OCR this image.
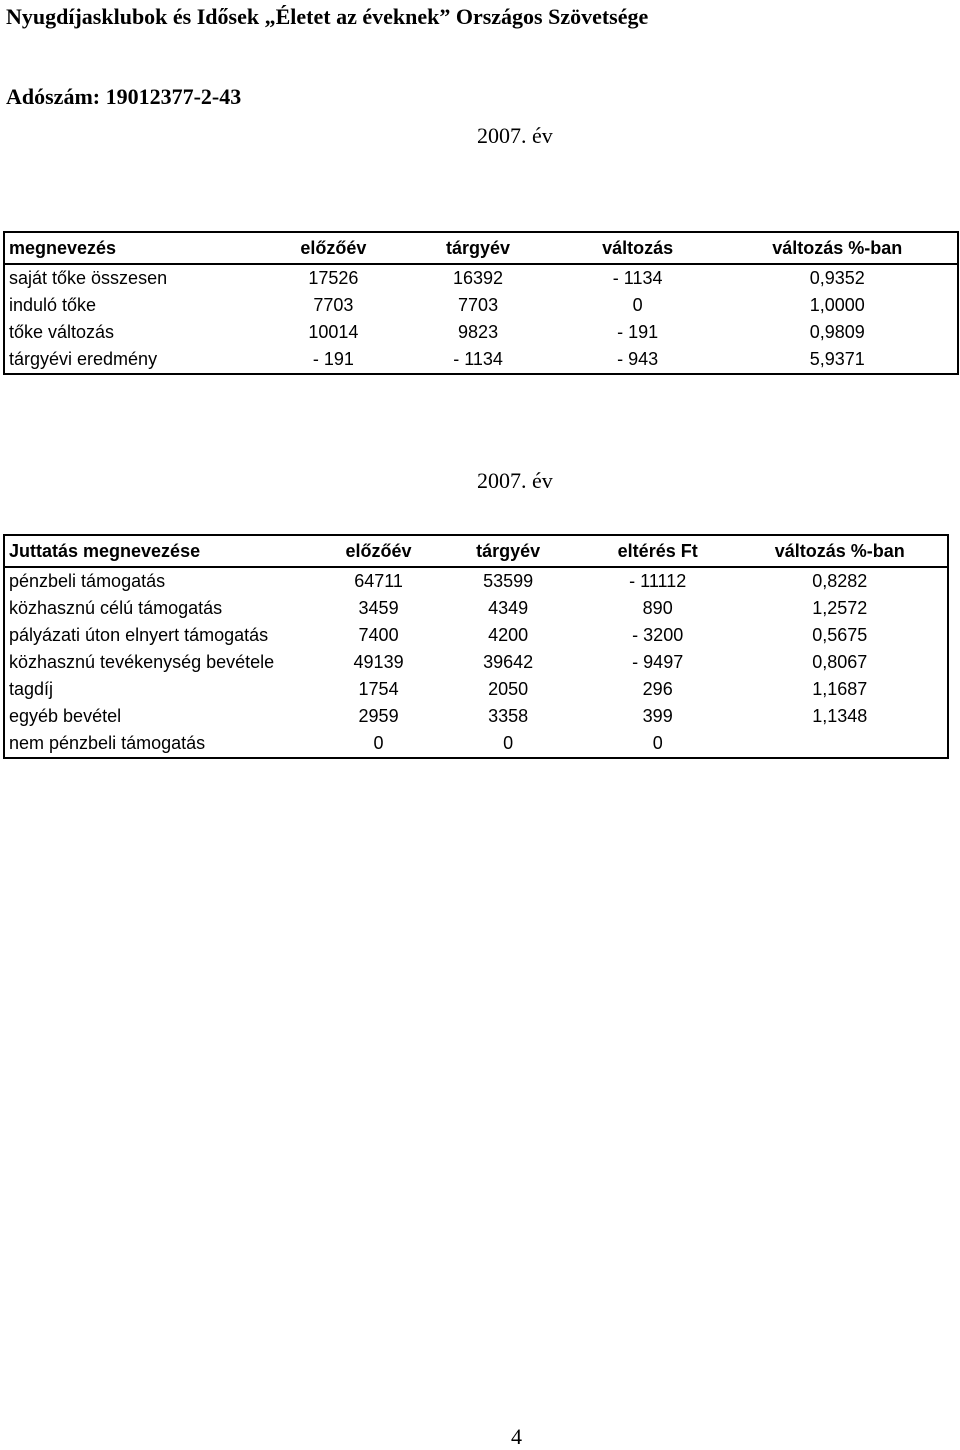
Nyugdíjasklubok és Idősek „Életet az éveknek” Országos Szövetsége
Adószám: 19012377-2-43
2007. év
megnevezés	előzőév	tárgyév	változás	változás %-ban
saját tőke összesen	17526	16392	- 1134	0,9352
induló tőke	7703	7703	0	1,0000
tőke változás	10014	9823	- 191	0,9809
tárgyévi eredmény	- 191	- 1134	- 943	5,9371
2007. év
Juttatás megnevezése	előzőév	tárgyév	eltérés Ft	változás %-ban
pénzbeli támogatás	64711	53599	- 11112	0,8282
közhasznú célú támogatás	3459	4349	890	1,2572
pályázati úton elnyert támogatás	7400	4200	- 3200	0,5675
közhasznú tevékenység bevétele	49139	39642	- 9497	0,8067
tagdíj	1754	2050	296	1,1687
egyéb bevétel	2959	3358	399	1,1348
nem pénzbeli támogatás	0	0	0	
4
